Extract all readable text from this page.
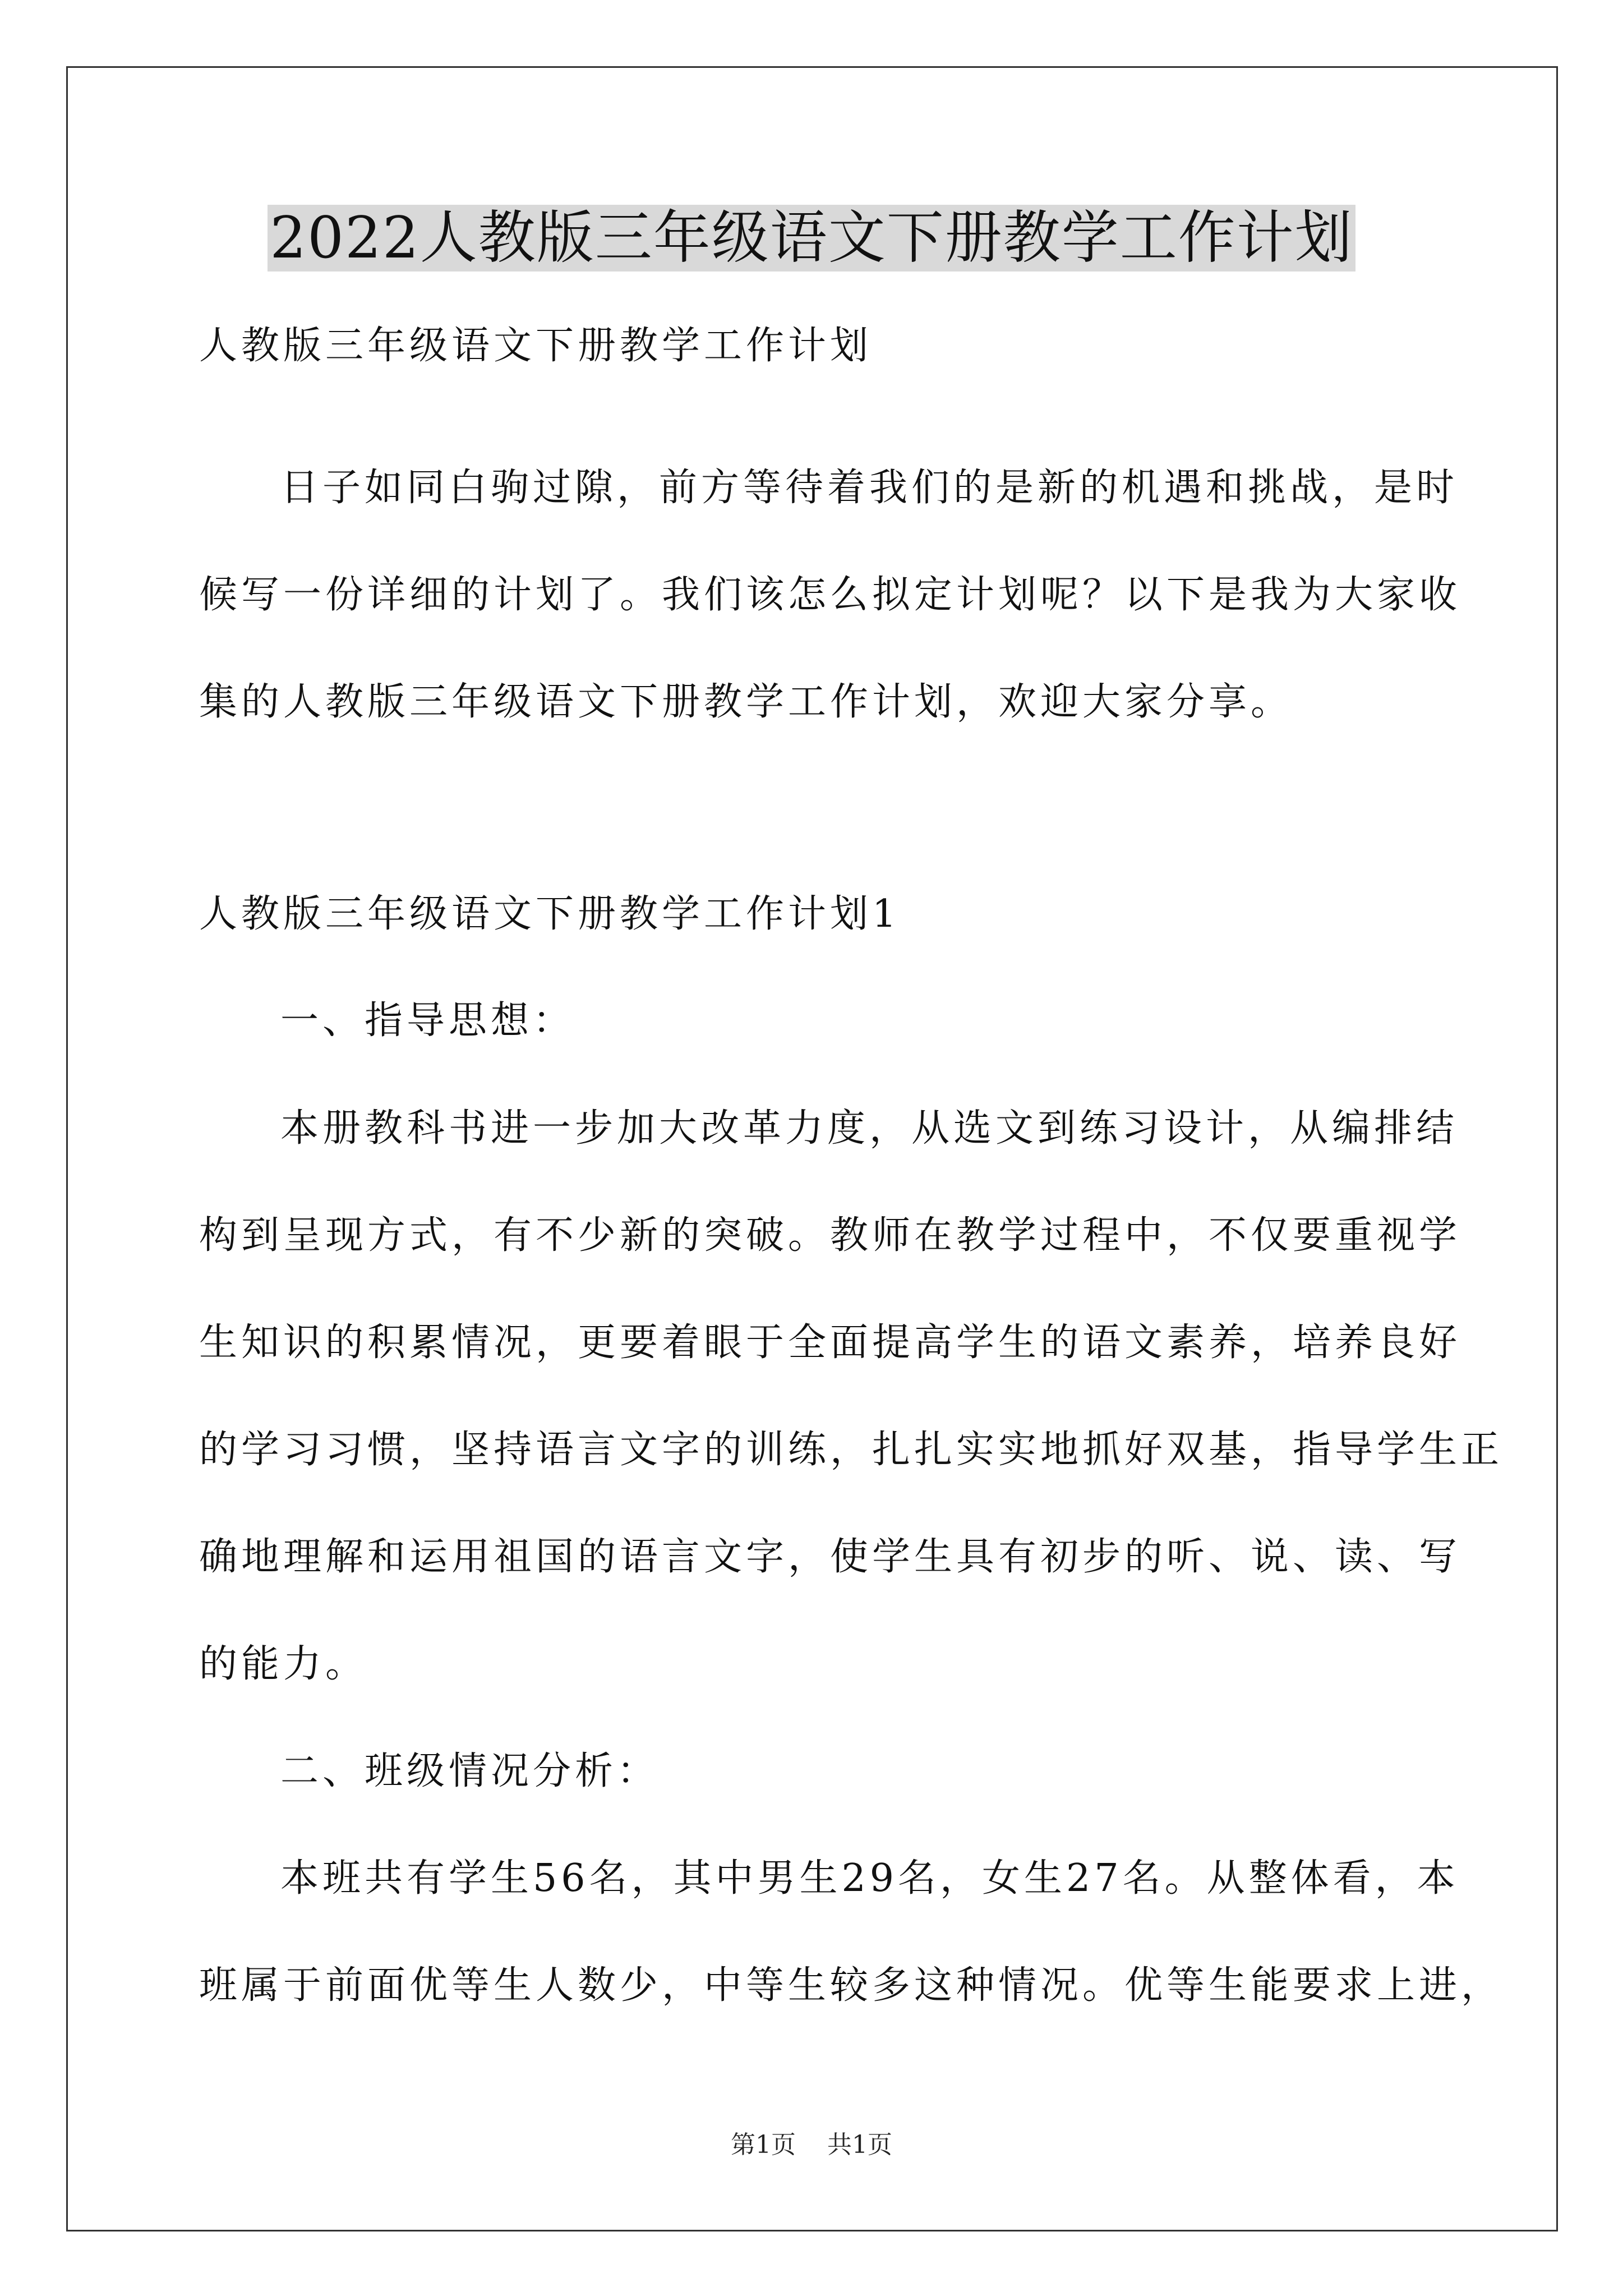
2022人教版三年级语文下册教学工作计划
人教版三年级语文下册教学工作计划
日子如同白驹过隙，前方等待着我们的是新的机遇和挑战，是时
候写一份详细的计划了。我们该怎么拟定计划呢？以下是我为大家收
集的人教版三年级语文下册教学工作计划，欢迎大家分享。
人教版三年级语文下册教学工作计划1
一、指导思想：
本册教科书进一步加大改革力度，从选文到练习设计，从编排结
构到呈现方式，有不少新的突破。教师在教学过程中，不仅要重视学
生知识的积累情况，更要着眼于全面提高学生的语文素养，培养良好
的学习习惯，坚持语言文字的训练，扎扎实实地抓好双基，指导学生正
确地理解和运用祖国的语言文字，使学生具有初步的听、说、读、写
的能力。
二、班级情况分析：
本班共有学生56名，其中男生29名，女生27名。从整体看，本
班属于前面优等生人数少，中等生较多这种情况。优等生能要求上进，
第1页 共1页
